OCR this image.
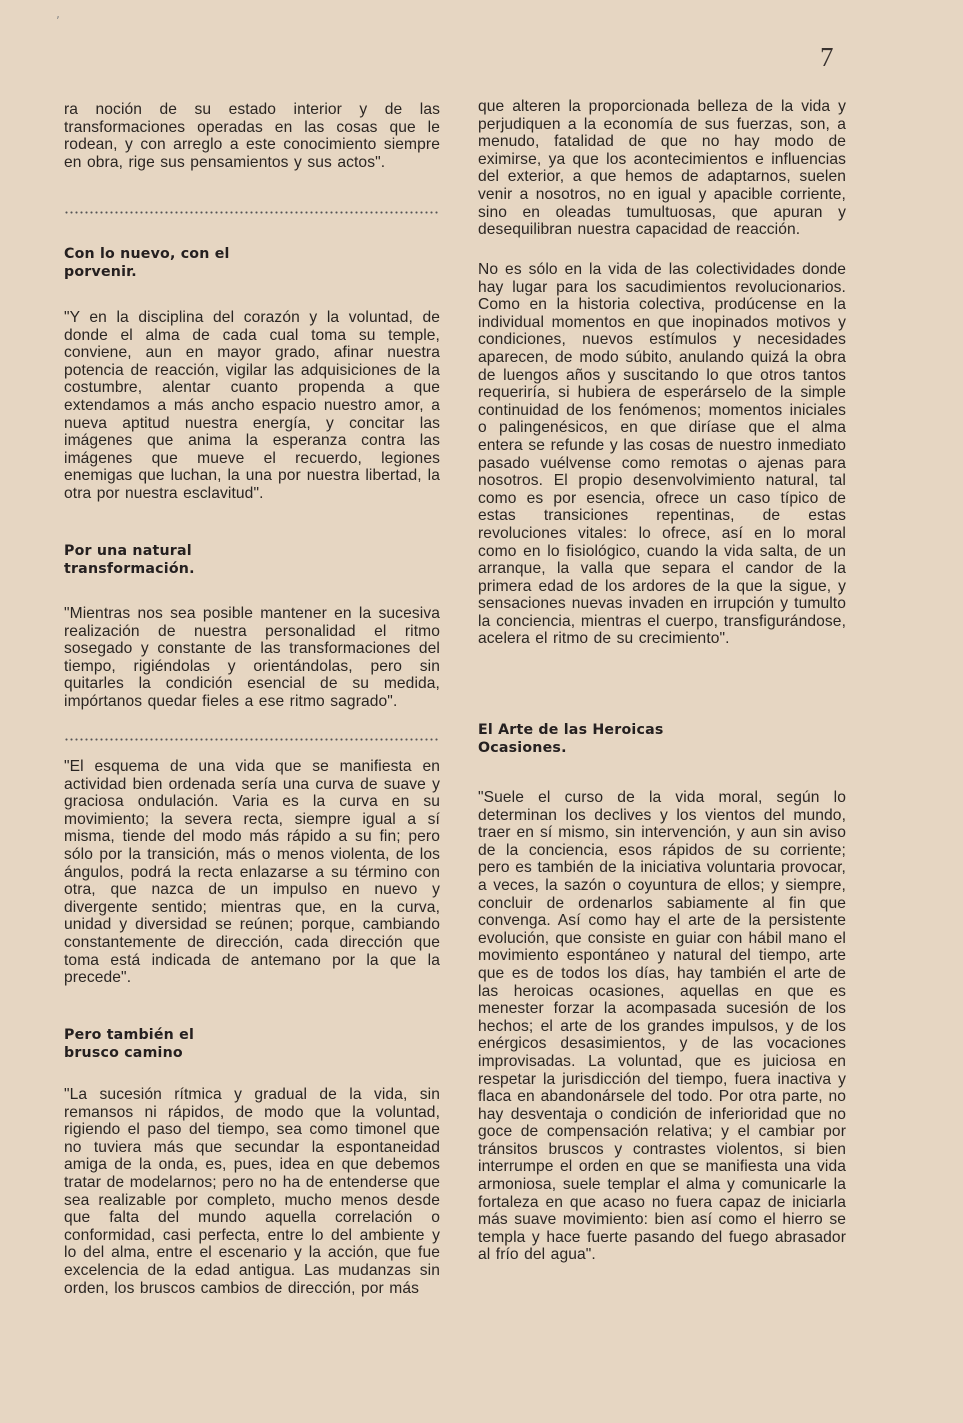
7
ʼ

ra noción de su estado interior y de las transformaciones operadas en las cosas que le rodean, y con arreglo a este conocimiento siempre en obra, rige sus pensamientos y sus actos".

Con lo nuevo, con el porvenir.

"Y en la disciplina del corazón y la voluntad, de donde el alma de cada cual toma su temple, conviene, aun en mayor grado, afinar nuestra potencia de reacción, vigilar las adquisiciones de la costumbre, alentar cuanto propenda a que extendamos a más ancho espacio nuestro amor, a nueva aptitud nuestra energía, y concitar las imágenes que anima la esperanza contra las imágenes que mueve el recuerdo, legiones enemigas que luchan, la una por nuestra libertad, la otra por nuestra esclavitud".

Por una natural transformación.

"Mientras nos sea posible mantener en la sucesiva realización de nuestra personalidad el ritmo sosegado y constante de las transformaciones del tiempo, rigiéndolas y orientándolas, pero sin quitarles la condición esencial de su medida, impórtanos quedar fieles a ese ritmo sagrado".

"El esquema de una vida que se manifiesta en actividad bien ordenada sería una curva de suave y graciosa ondulación. Varia es la curva en su movimiento; la severa recta, siempre igual a sí misma, tiende del modo más rápido a su fin; pero sólo por la transición, más o menos violenta, de los ángulos, podrá la recta enlazarse a su término con otra, que nazca de un impulso en nuevo y divergente sentido; mientras que, en la curva, unidad y diversidad se reúnen; porque, cambiando constantemente de dirección, cada dirección que toma está indicada de antemano por la que la precede".

Pero también el brusco camino

"La sucesión rítmica y gradual de la vida, sin remansos ni rápidos, de modo que la voluntad, rigiendo el paso del tiempo, sea como timonel que no tuviera más que secundar la espontaneidad amiga de la onda, es, pues, idea en que debemos tratar de modelarnos; pero no ha de entenderse que sea realizable por completo, mucho menos desde que falta del mundo aquella correlación o conformidad, casi perfecta, entre lo del ambiente y lo del alma, entre el escenario y la acción, que fue excelencia de la edad antigua. Las mudanzas sin orden, los bruscos cambios de dirección, por más

que alteren la proporcionada belleza de la vida y perjudiquen a la economía de sus fuerzas, son, a menudo, fatalidad de que no hay modo de eximirse, ya que los acontecimientos e influencias del exterior, a que hemos de adaptarnos, suelen venir a nosotros, no en igual y apacible corriente, sino en oleadas tumultuosas, que apuran y desequilibran nuestra capacidad de reacción.

No es sólo en la vida de las colectividades donde hay lugar para los sacudimientos revolucionarios. Como en la historia colectiva, prodúcense en la individual momentos en que inopinados motivos y condiciones, nuevos estímulos y necesidades aparecen, de modo súbito, anulando quizá la obra de luengos años y suscitando lo que otros tantos requeriría, si hubiera de esperárselo de la simple continuidad de los fenómenos; momentos iniciales o palingenésicos, en que diríase que el alma entera se refunde y las cosas de nuestro inmediato pasado vuélvense como remotas o ajenas para nosotros. El propio desenvolvimiento natural, tal como es por esencia, ofrece un caso típico de estas transiciones repentinas, de estas revoluciones vitales: lo ofrece, así en lo moral como en lo fisiológico, cuando la vida salta, de un arranque, la valla que separa el candor de la primera edad de los ardores de la que la sigue, y sensaciones nuevas invaden en irrupción y tumulto la conciencia, mientras el cuerpo, transfigurándose, acelera el ritmo de su crecimiento".

El Arte de las Heroicas Ocasiones.

"Suele el curso de la vida moral, según lo determinan los declives y los vientos del mundo, traer en sí mismo, sin intervención, y aun sin aviso de la conciencia, esos rápidos de su corriente; pero es también de la iniciativa voluntaria provocar, a veces, la sazón o coyuntura de ellos; y siempre, concluir de ordenarlos sabiamente al fin que convenga. Así como hay el arte de la persistente evolución, que consiste en guiar con hábil mano el movimiento espontáneo y natural del tiempo, arte que es de todos los días, hay también el arte de las heroicas ocasiones, aquellas en que es menester forzar la acompasada sucesión de los hechos; el arte de los grandes impulsos, y de los enérgicos desasimientos, y de las vocaciones improvisadas. La voluntad, que es juiciosa en respetar la jurisdicción del tiempo, fuera inactiva y flaca en abandonársele del todo. Por otra parte, no hay desventaja o condición de inferioridad que no goce de compensación relativa; y el cambiar por tránsitos bruscos y contrastes violentos, si bien interrumpe el orden en que se manifiesta una vida armoniosa, suele templar el alma y comunicarle la fortaleza en que acaso no fuera capaz de iniciarla más suave movimiento: bien así como el hierro se templa y hace fuerte pasando del fuego abrasador al frío del agua".
